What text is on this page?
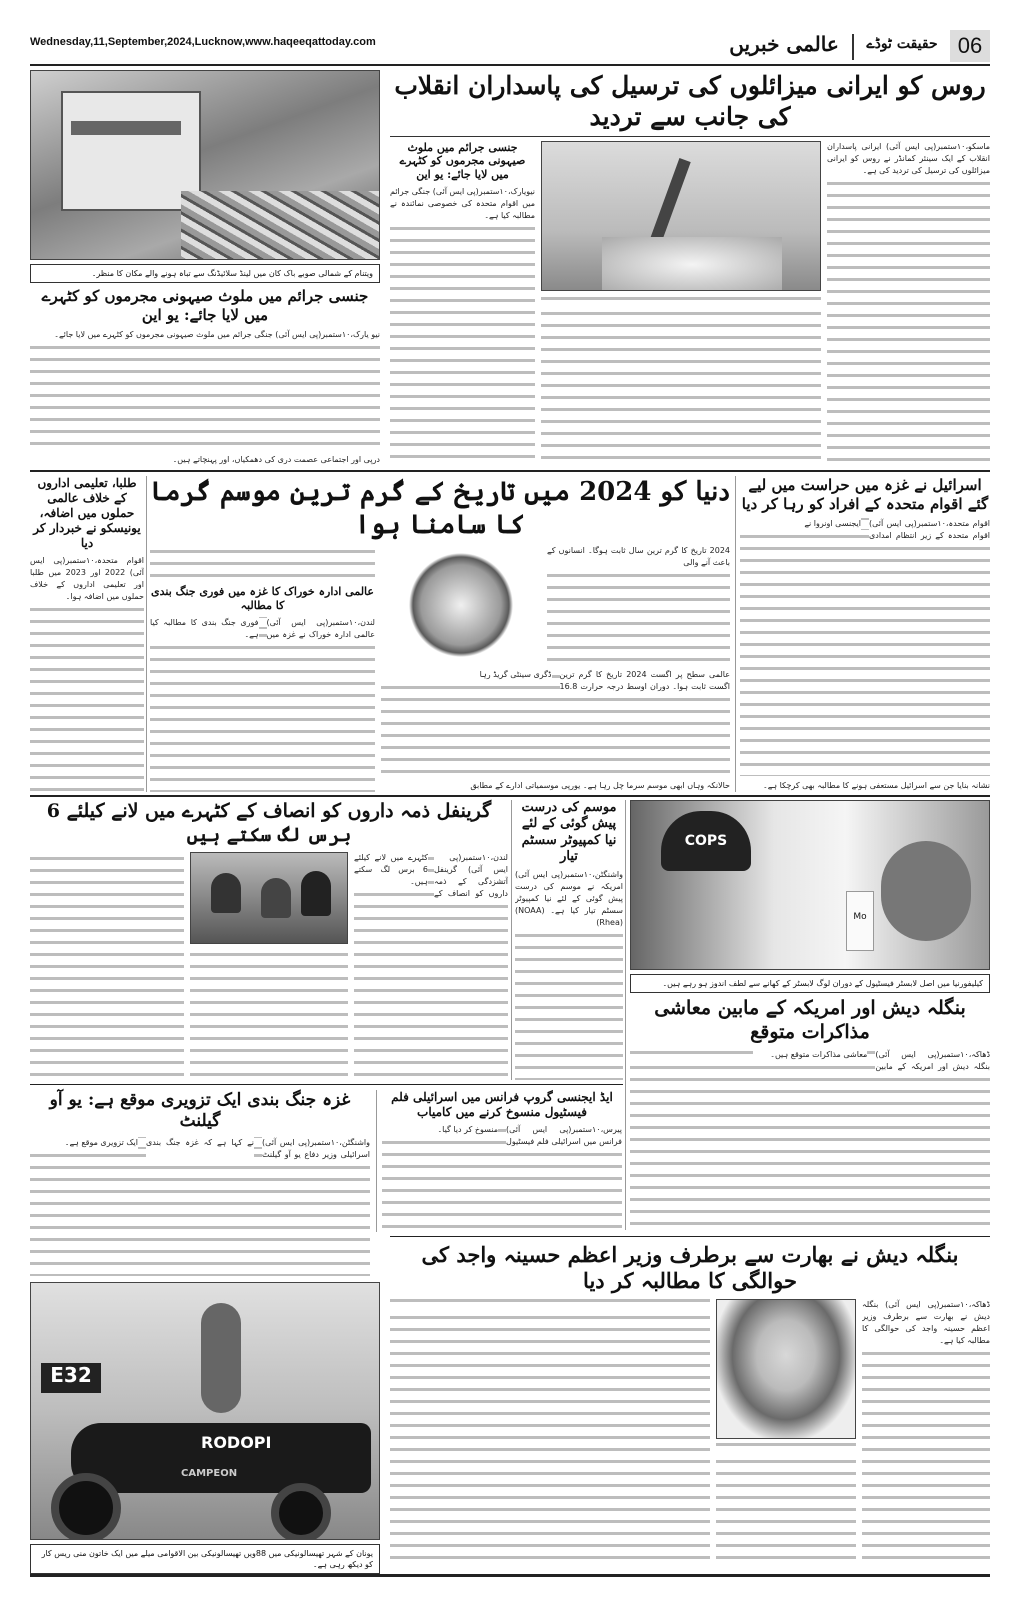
Wednesday,11,September,2024,Lucknow,www.haqeeqattoday.com	06
حقیقت ٹوڈے
عالمی خبریں
ویتنام کے شمالی صوبے باک کان میں لینڈ سلائیڈنگ سے تباہ ہونے والے مکان کا منظر۔
جنسی جرائم میں ملوث صیہونی مجرموں کو کٹہرے میں لایا جائے: یو این
نیو یارک،۱۰ستمبر(پی ایس آئی) جنگی جرائم میں ملوث صیہونی مجرموں کو کٹہرے میں لایا جائے۔
درپی اور اجتماعی عصمت دری کی دھمکیاں، اور پہنچاتے ہیں۔
روس کو ایرانی میزائلوں کی ترسیل کی پاسداران انقلاب کی جانب سے تردید
جنسی جرائم میں ملوث صیہونی مجرموں کو کٹہرے میں لایا جائے: یو این
نیویارک،۱۰ستمبر(پی ایس آئی) جنگی جرائم میں اقوام متحدہ کی خصوصی نمائندہ نے مطالبہ کیا ہے۔
ماسکو،۱۰ستمبر(پی ایس آئی) ایرانی پاسداران انقلاب کے ایک سینئر کمانڈر نے روس کو ایرانی میزائلوں کی ترسیل کی تردید کی ہے۔
طلبا، تعلیمی اداروں کے خلاف عالمی حملوں میں اضافہ، یونیسکو نے خبردار کر دیا
اقوام متحدہ،۱۰ستمبر(پی ایس آئی) 2022 اور 2023 میں طلبا اور تعلیمی اداروں کے خلاف حملوں میں اضافہ ہوا۔
دنیا کو 2024 میں تاریخ کے گرم ترین موسم گرما کا سامنا ہوا
عالمی ادارہ خوراک کا غزہ میں فوری جنگ بندی کا مطالبہ
لندن،۱۰ستمبر(پی ایس آئی) عالمی ادارہ خوراک نے غزہ میں فوری جنگ بندی کا مطالبہ کیا ہے۔
2024 تاریخ کا گرم ترین سال ثابت ہوگا۔ انسانوں کے باعث آنے والی
عالمی سطح پر اگست 2024 تاریخ کا گرم ترین اگست ثابت ہوا۔ دوران اوسط درجہ حرارت 16.8 ڈگری سینٹی گریڈ رہا
حالانکہ وہاں ابھی موسم سرما چل رہا ہے۔ یورپی موسمیاتی ادارے کے مطابق
اسرائیل نے غزہ میں حراست میں لیے گئے اقوام متحدہ کے افراد کو رہا کر دیا
اقوام متحدہ،۱۰ستمبر(پی ایس آئی) اقوام متحدہ کے زیر انتظام امدادی ایجنسی اونروا نے
نشانہ بنایا جن سے اسرائیل مستعفی ہونے کا مطالبہ بھی کرچکا ہے۔
گرینفل ذمہ داروں کو انصاف کے کٹہرے میں لانے کیلئے 6 برس لگ سکتے ہیں
لندن،۱۰ستمبر(پی ایس آئی) گرینفل آتشزدگی کے ذمہ داروں کو انصاف کے کٹہرے میں لانے کیلئے 6 برس لگ سکتے ہیں۔
موسم کی درست پیش گوئی کے لئے نیا کمپیوٹر سسٹم تیار
واشنگٹن،۱۰ستمبر(پی ایس آئی) امریکہ نے موسم کی درست پیش گوئی کے لئے نیا کمپیوٹر سسٹم تیار کیا ہے۔ (NOAA) (Rhea)
COPS
Mo
کیلیفورنیا میں اصل لابسٹر فیسٹیول کے دوران لوگ لابسٹر کے کھانے سے لطف اندوز ہو رہے ہیں۔
بنگلہ دیش اور امریکہ کے مابین معاشی مذاکرات متوقع
ڈھاکہ،۱۰ستمبر(پی ایس آئی) بنگلہ دیش اور امریکہ کے مابین معاشی مذاکرات متوقع ہیں۔
غزہ جنگ بندی ایک تزویری موقع ہے: یو آو گیلنٹ
واشنگٹن،۱۰ستمبر(پی ایس آئی) اسرائیلی وزیر دفاع یو آو گیلنٹ نے کہا ہے کہ غزہ جنگ بندی ایک تزویری موقع ہے۔
ایڈ ایجنسی گروپ فرانس میں اسرائیلی فلم فیسٹیول منسوخ کرنے میں کامیاب
پیرس،۱۰ستمبر(پی ایس آئی) فرانس میں اسرائیلی فلم فیسٹیول منسوخ کر دیا گیا۔
E32
RODOPI
CAMPEON
یونان کے شہر تھیسالونیکی میں 88ویں تھیسالونیکی بین الاقوامی میلے میں ایک خاتون منی ریس کار کو دیکھ رہی ہے۔
بنگلہ دیش نے بھارت سے برطرف وزیر اعظم حسینہ واجد کی حوالگی کا مطالبہ کر دیا
ڈھاکہ،۱۰ستمبر(پی ایس آئی) بنگلہ دیش نے بھارت سے برطرف وزیر اعظم حسینہ واجد کی حوالگی کا مطالبہ کیا ہے۔
